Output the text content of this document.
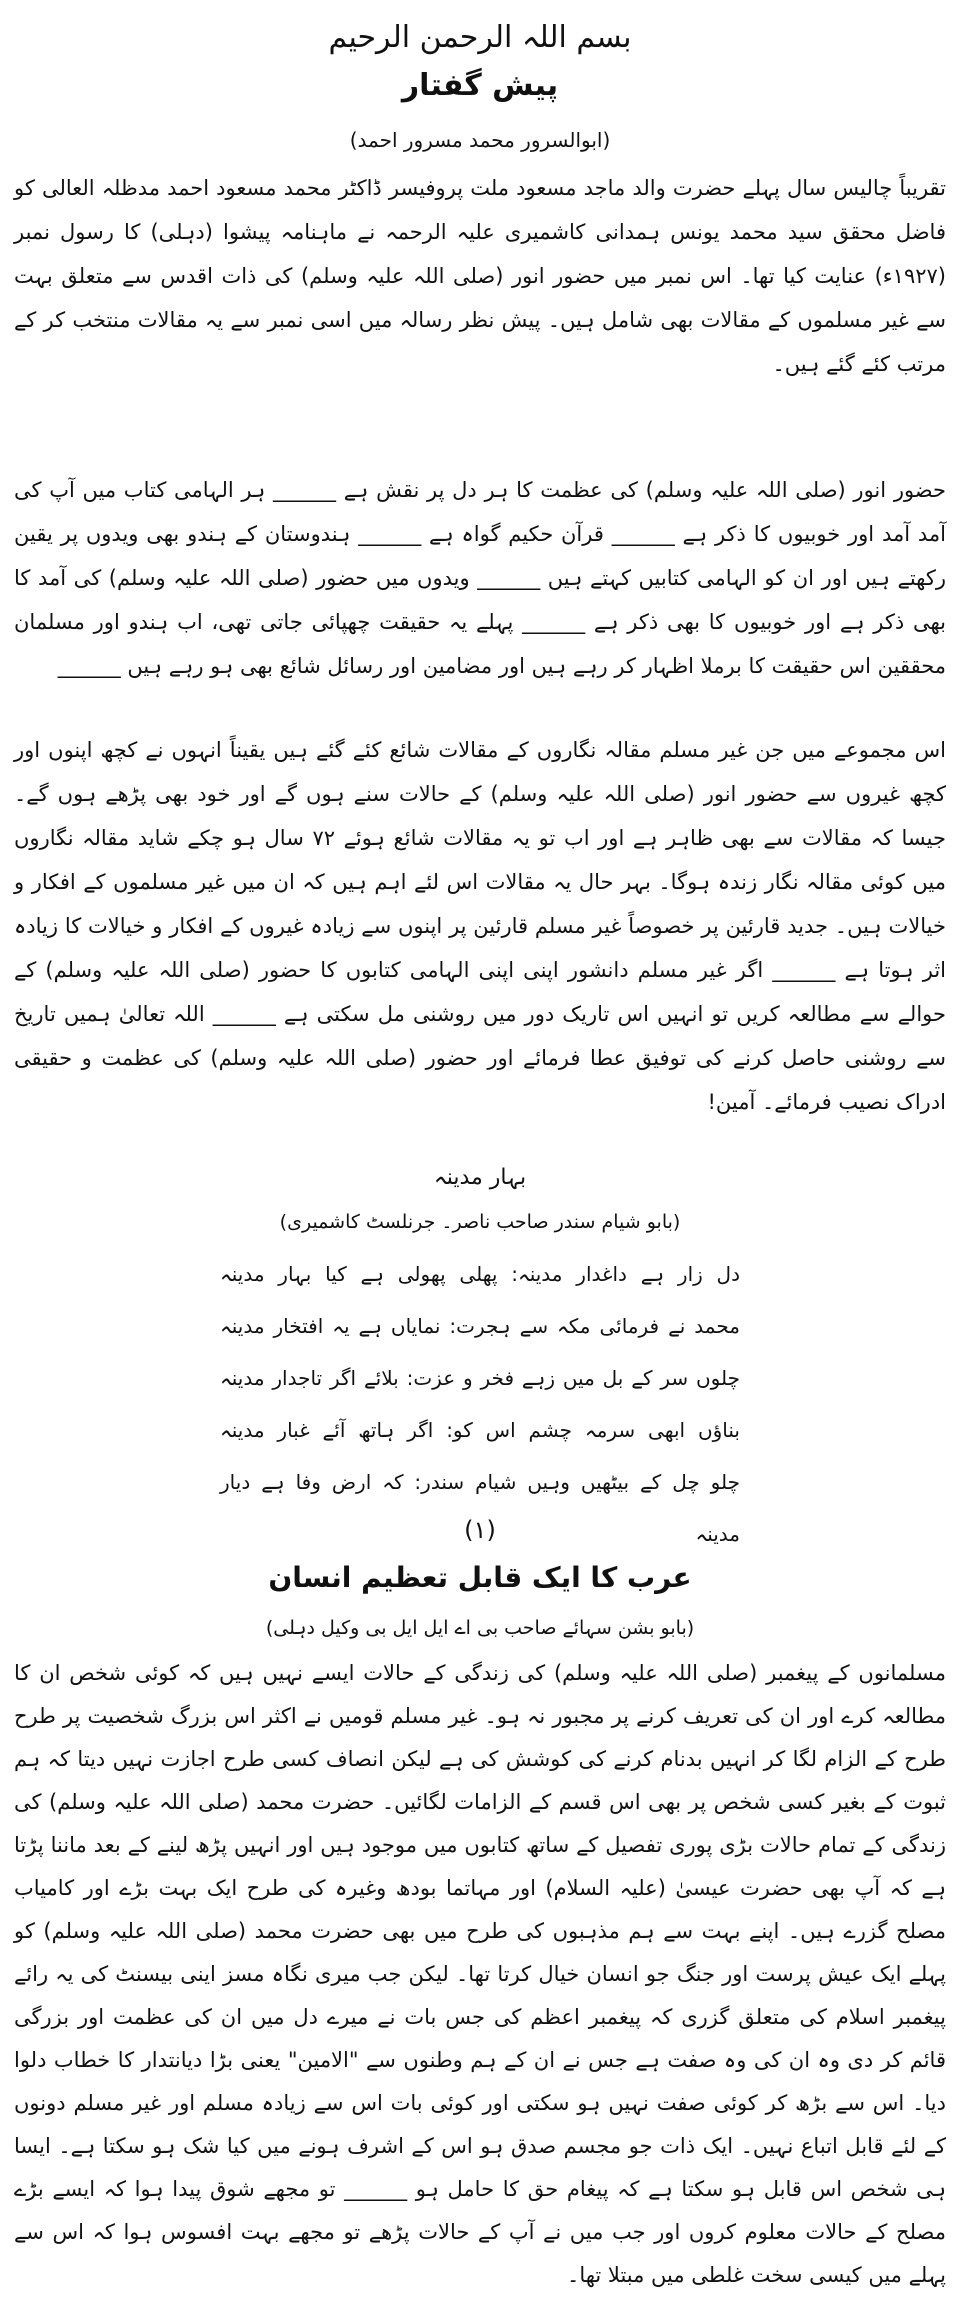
بسم اللہ الرحمن الرحیم
پیش گفتار
(ابوالسرور محمد مسرور احمد)

تقریباً چالیس سال پہلے حضرت والد ماجد مسعود ملت پروفیسر ڈاکٹر محمد مسعود احمد مدظلہ العالی کو فاضل محقق سید محمد یونس ہمدانی کاشمیری علیہ الرحمہ نے ماہنامہ پیشوا (دہلی) کا رسول نمبر (۱۹۲۷ء) عنایت کیا تھا۔ اس نمبر میں حضور انور (صلی اللہ علیہ وسلم) کی ذات اقدس سے متعلق بہت سے غیر مسلموں کے مقالات بھی شامل ہیں۔ پیش نظر رسالہ میں اسی نمبر سے یہ مقالات منتخب کر کے مرتب کئے گئے ہیں۔

حضور انور (صلی اللہ علیہ وسلم) کی عظمت کا ہر دل پر نقش ہے ______ ہر الہامی کتاب میں آپ کی آمد آمد اور خوبیوں کا ذکر ہے ______ قرآن حکیم گواہ ہے ______ ہندوستان کے ہندو بھی ویدوں پر یقین رکھتے ہیں اور ان کو الہامی کتابیں کہتے ہیں ______ ویدوں میں حضور (صلی اللہ علیہ وسلم) کی آمد کا بھی ذکر ہے اور خوبیوں کا بھی ذکر ہے ______ پہلے یہ حقیقت چھپائی جاتی تھی، اب ہندو اور مسلمان محققین اس حقیقت کا برملا اظہار کر رہے ہیں اور مضامین اور رسائل شائع بھی ہو رہے ہیں ______

اس مجموعے میں جن غیر مسلم مقالہ نگاروں کے مقالات شائع کئے گئے ہیں یقیناً انہوں نے کچھ اپنوں اور کچھ غیروں سے حضور انور (صلی اللہ علیہ وسلم) کے حالات سنے ہوں گے اور خود بھی پڑھے ہوں گے۔ جیسا کہ مقالات سے بھی ظاہر ہے اور اب تو یہ مقالات شائع ہوئے ۷۲ سال ہو چکے شاید مقالہ نگاروں میں کوئی مقالہ نگار زندہ ہوگا۔ بہر حال یہ مقالات اس لئے اہم ہیں کہ ان میں غیر مسلموں کے افکار و خیالات ہیں۔ جدید قارئین پر خصوصاً غیر مسلم قارئین پر اپنوں سے زیادہ غیروں کے افکار و خیالات کا زیادہ اثر ہوتا ہے ______ اگر غیر مسلم دانشور اپنی اپنی الہامی کتابوں کا حضور (صلی اللہ علیہ وسلم) کے حوالے سے مطالعہ کریں تو انہیں اس تاریک دور میں روشنی مل سکتی ہے ______ اللہ تعالیٰ ہمیں تاریخ سے روشنی حاصل کرنے کی توفیق عطا فرمائے اور حضور (صلی اللہ علیہ وسلم) کی عظمت و حقیقی ادراک نصیب فرمائے۔ آمین!

بہار مدینہ
(بابو شیام سندر صاحب ناصر۔ جرنلسٹ کاشمیری)
دل زار ہے داغدار مدینہ: پھلی پھولی ہے کیا بہار مدینہ
محمد نے فرمائی مکہ سے ہجرت: نمایاں ہے یہ افتخار مدینہ
چلوں سر کے بل میں زہے فخر و عزت: بلائے اگر تاجدار مدینہ
بناؤں ابھی سرمہ چشم اس کو: اگر ہاتھ آئے غبار مدینہ
چلو چل کے بیٹھیں وہیں شیام سندر: کہ ارض وفا ہے دیار مدینہ
(۱)
عرب کا ایک قابل تعظیم انسان
(بابو بشن سہائے صاحب بی اے ایل ایل بی وکیل دہلی)

مسلمانوں کے پیغمبر (صلی اللہ علیہ وسلم) کی زندگی کے حالات ایسے نہیں ہیں کہ کوئی شخص ان کا مطالعہ کرے اور ان کی تعریف کرنے پر مجبور نہ ہو۔ غیر مسلم قومیں نے اکثر اس بزرگ شخصیت پر طرح طرح کے الزام لگا کر انہیں بدنام کرنے کی کوشش کی ہے لیکن انصاف کسی طرح اجازت نہیں دیتا کہ ہم ثبوت کے بغیر کسی شخص پر بھی اس قسم کے الزامات لگائیں۔ حضرت محمد (صلی اللہ علیہ وسلم) کی زندگی کے تمام حالات بڑی پوری تفصیل کے ساتھ کتابوں میں موجود ہیں اور انہیں پڑھ لینے کے بعد ماننا پڑتا ہے کہ آپ بھی حضرت عیسیٰ (علیہ السلام) اور مہاتما بودھ وغیرہ کی طرح ایک بہت بڑے اور کامیاب مصلح گزرے ہیں۔ اپنے بہت سے ہم مذہبوں کی طرح میں بھی حضرت محمد (صلی اللہ علیہ وسلم) کو پہلے ایک عیش پرست اور جنگ جو انسان خیال کرتا تھا۔ لیکن جب میری نگاہ مسز اینی بیسنٹ کی یہ رائے پیغمبر اسلام کی متعلق گزری کہ پیغمبر اعظم کی جس بات نے میرے دل میں ان کی عظمت اور بزرگی قائم کر دی وہ ان کی وہ صفت ہے جس نے ان کے ہم وطنوں سے "الامین" یعنی بڑا دیانتدار کا خطاب دلوا دیا۔ اس سے بڑھ کر کوئی صفت نہیں ہو سکتی اور کوئی بات اس سے زیادہ مسلم اور غیر مسلم دونوں کے لئے قابل اتباع نہیں۔ ایک ذات جو مجسم صدق ہو اس کے اشرف ہونے میں کیا شک ہو سکتا ہے۔ ایسا ہی شخص اس قابل ہو سکتا ہے کہ پیغام حق کا حامل ہو ______ تو مجھے شوق پیدا ہوا کہ ایسے بڑے مصلح کے حالات معلوم کروں اور جب میں نے آپ کے حالات پڑھے تو مجھے بہت افسوس ہوا کہ اس سے پہلے میں کیسی سخت غلطی میں مبتلا تھا۔
